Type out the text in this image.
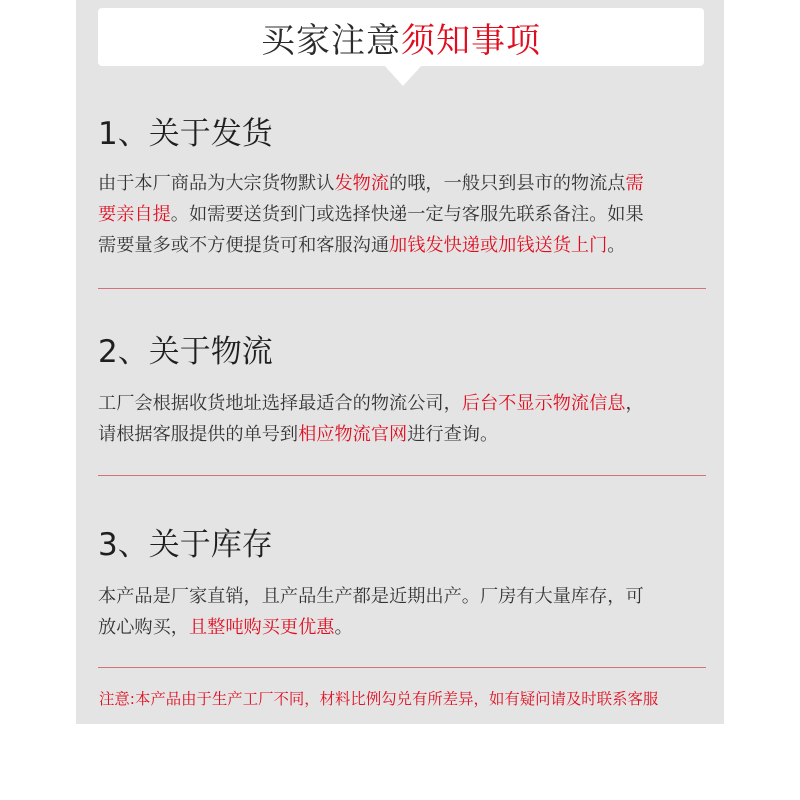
买家注意 须知事项
1、关于发货
由于本厂商品为大宗货物默认发物流的哦，一般只到县市的物流点需
要亲自提。如需要送货到门或选择快递一定与客服先联系备注。如果
需要量多或不方便提货可和客服沟通加钱发快递或加钱送货上门。
2、关于物流
工厂会根据收货地址选择最适合的物流公司，后台不显示物流信息，
请根据客服提供的单号到相应物流官网进行查询。
3、关于库存
本产品是厂家直销，且产品生产都是近期出产。厂房有大量库存，可
放心购买，且整吨购买更优惠。
注意:本产品由于生产工厂不同，材料比例勾兑有所差异，如有疑问请及时联系客服
